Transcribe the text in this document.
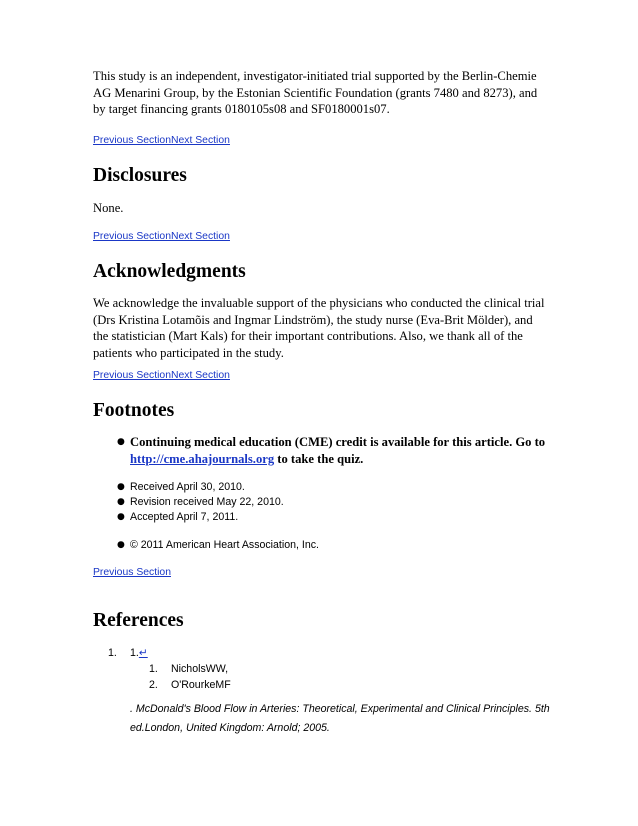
This study is an independent, investigator-initiated trial supported by the Berlin-Chemie

AG Menarini Group, by the Estonian Scientific Foundation (grants 7480 and 8273), and

by target financing grants 0180105s08 and SF0180001s07.

Previous SectionNext Section

Disclosures

None.

Previous SectionNext Section

Acknowledgments

We acknowledge the invaluable support of the physicians who conducted the clinical trial

(Drs Kristina Lotamõis and Ingmar Lindström), the study nurse (Eva-Brit Mölder), and

the statistician (Mart Kals) for their important contributions. Also, we thank all of the

patients who participated in the study.

Previous SectionNext Section

Footnotes
● Continuing medical education (CME) credit is available for this article. Go to
http://cme.ahajournals.org to take the quiz.
● Received April 30, 2010.
● Revision received May 22, 2010.
● Accepted April 7, 2011.
● © 2011 American Heart Association, Inc.

Previous Section

References
1. 1.↵
1. NicholsWW,
2. O'RourkeMF
. McDonald's Blood Flow in Arteries: Theoretical, Experimental and Clinical Principles. 5th
ed.London, United Kingdom: Arnold; 2005.
